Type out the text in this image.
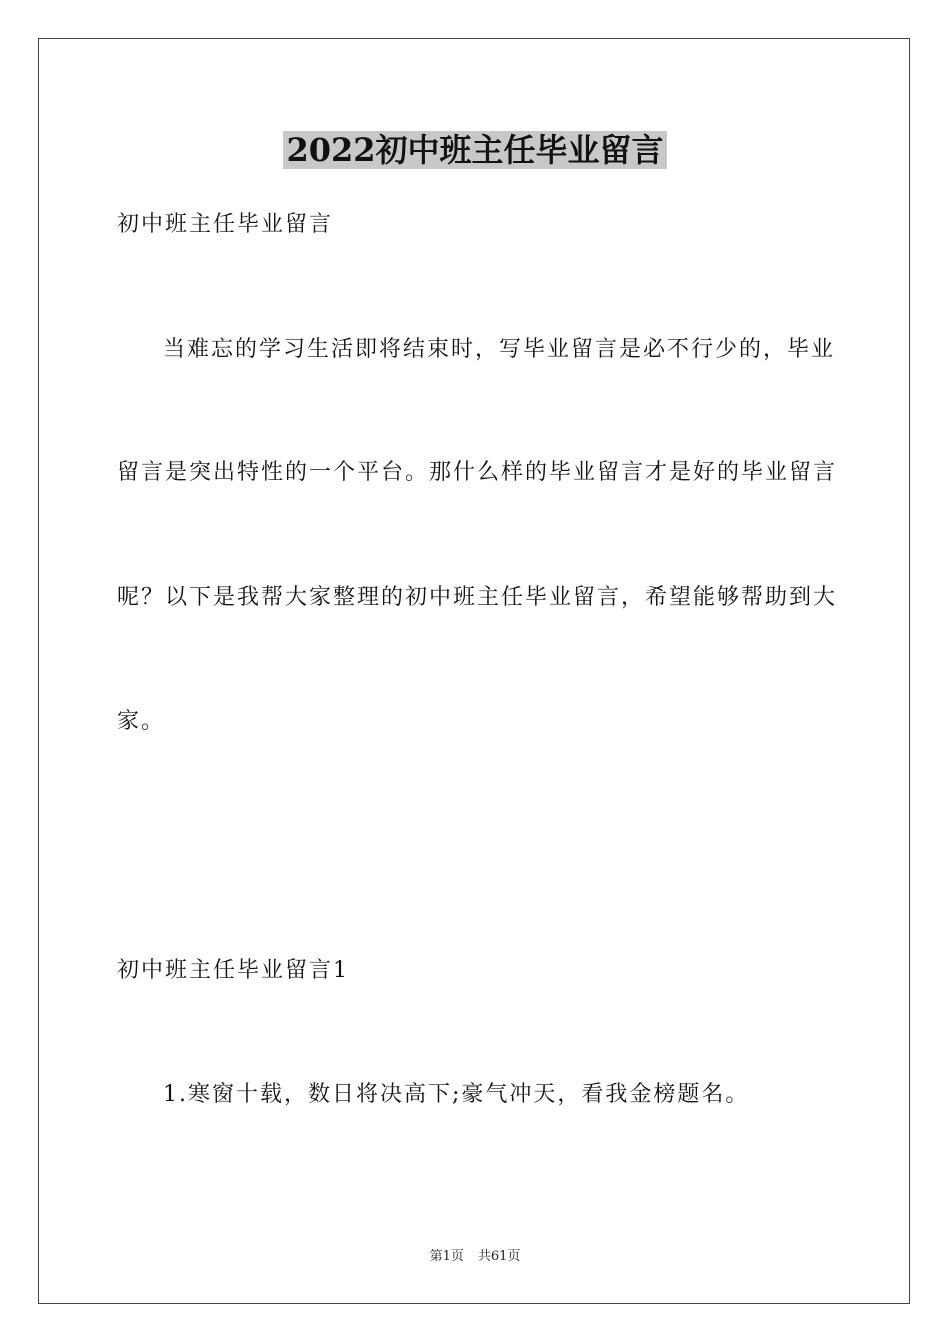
2022初中班主任毕业留言
初中班主任毕业留言
当难忘的学习生活即将结束时，写毕业留言是必不行少的，毕业
留言是突出特性的一个平台。那什么样的毕业留言才是好的毕业留言
呢？以下是我帮大家整理的初中班主任毕业留言，希望能够帮助到大
家。
初中班主任毕业留言1
1.寒窗十载，数日将决高下;豪气冲天，看我金榜题名。
第1页 共61页
